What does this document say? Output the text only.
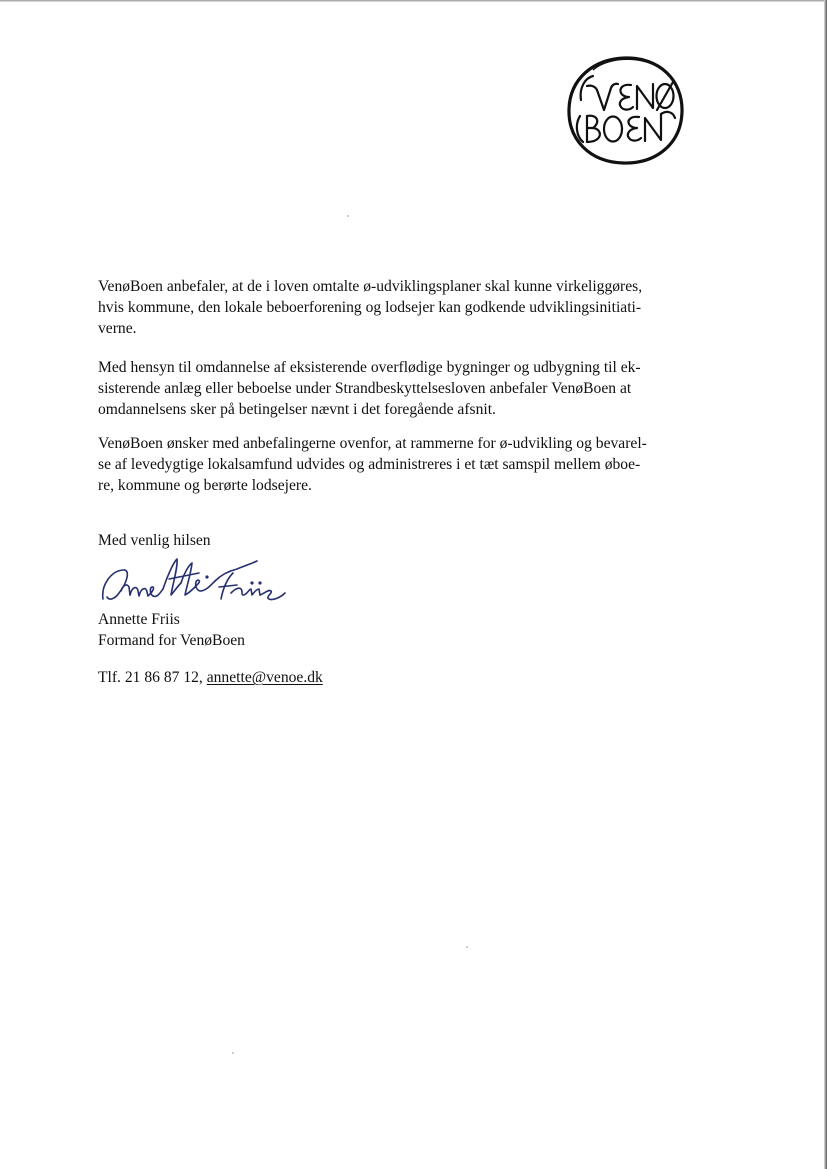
VenøBoen anbefaler, at de i loven omtalte ø-udviklingsplaner skal kunne virkeliggøres,
hvis kommune, den lokale beboerforening og lodsejer kan godkende udviklingsinitiati-
verne.

Med hensyn til omdannelse af eksisterende overflødige bygninger og udbygning til ek-
sisterende anlæg eller beboelse under Strandbeskyttelsesloven anbefaler VenøBoen at
omdannelsens sker på betingelser nævnt i det foregående afsnit.

VenøBoen ønsker med anbefalingerne ovenfor, at rammerne for ø-udvikling og bevarel-
se af levedygtige lokalsamfund udvides og administreres i et tæt samspil mellem øboe-
re, kommune og berørte lodsejere.

Med venlig hilsen
Annette Friis
Formand for VenøBoen
Tlf. 21 86 87 12, annette@venoe.dk
